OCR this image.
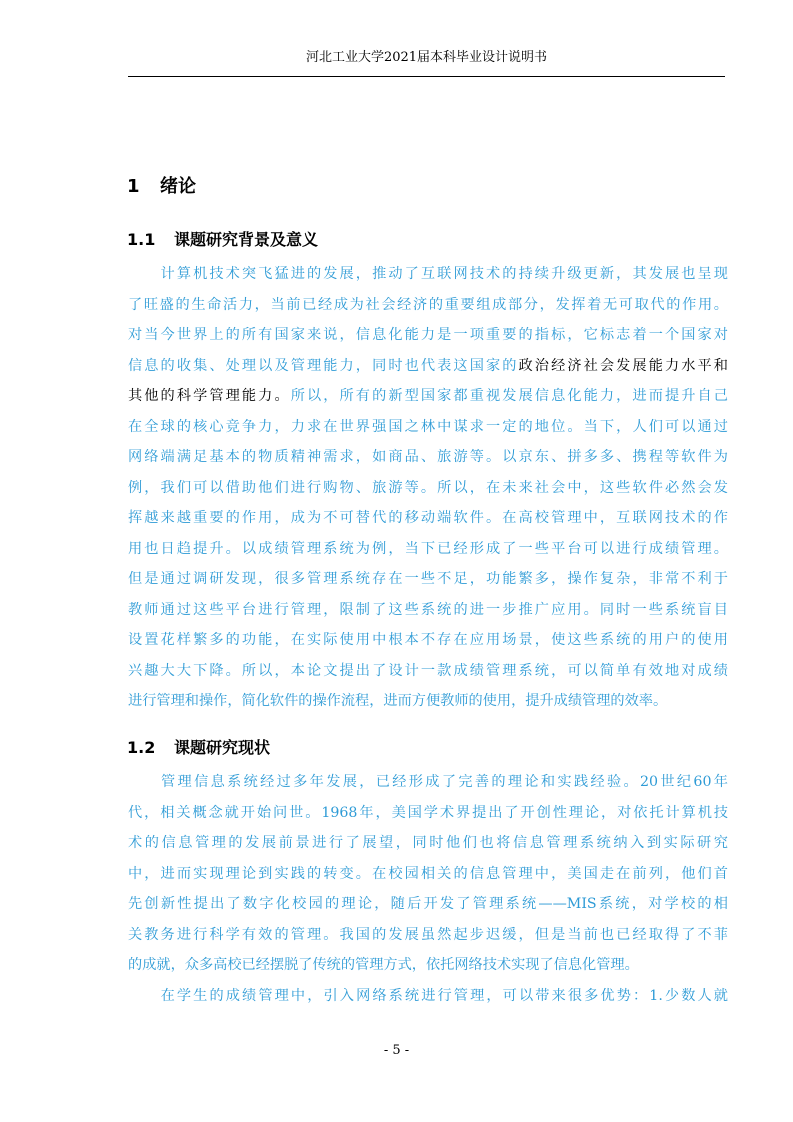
河北工业大学2021届本科毕业设计说明书
1 绪论
1.1 课题研究背景及意义
　　计算机技术突飞猛进的发展，推动了互联网技术的持续升级更新，其发展也呈现
了旺盛的生命活力，当前已经成为社会经济的重要组成部分，发挥着无可取代的作用。
对当今世界上的所有国家来说，信息化能力是一项重要的指标，它标志着一个国家对
信息的收集、处理以及管理能力，同时也代表这国家的政治经济社会发展能力水平和
其他的科学管理能力。所以，所有的新型国家都重视发展信息化能力，进而提升自己
在全球的核心竞争力，力求在世界强国之林中谋求一定的地位。当下，人们可以通过
网络端满足基本的物质精神需求，如商品、旅游等。以京东、拼多多、携程等软件为
例，我们可以借助他们进行购物、旅游等。所以，在未来社会中，这些软件必然会发
挥越来越重要的作用，成为不可替代的移动端软件。在高校管理中，互联网技术的作
用也日趋提升。以成绩管理系统为例，当下已经形成了一些平台可以进行成绩管理。
但是通过调研发现，很多管理系统存在一些不足，功能繁多，操作复杂，非常不利于
教师通过这些平台进行管理，限制了这些系统的进一步推广应用。同时一些系统盲目
设置花样繁多的功能，在实际使用中根本不存在应用场景，使这些系统的用户的使用
兴趣大大下降。所以，本论文提出了设计一款成绩管理系统，可以简单有效地对成绩
进行管理和操作，简化软件的操作流程，进而方便教师的使用，提升成绩管理的效率。
1.2 课题研究现状
　　管理信息系统经过多年发展，已经形成了完善的理论和实践经验。20世纪60年
代，相关概念就开始问世。1968年，美国学术界提出了开创性理论，对依托计算机技
术的信息管理的发展前景进行了展望，同时他们也将信息管理系统纳入到实际研究
中，进而实现理论到实践的转变。在校园相关的信息管理中，美国走在前列，他们首
先创新性提出了数字化校园的理论，随后开发了管理系统——MIS系统，对学校的相
关教务进行科学有效的管理。我国的发展虽然起步迟缓，但是当前也已经取得了不菲
的成就，众多高校已经摆脱了传统的管理方式，依托网络技术实现了信息化管理。
　　在学生的成绩管理中，引入网络系统进行管理，可以带来很多优势：1.少数人就
- 5 -
